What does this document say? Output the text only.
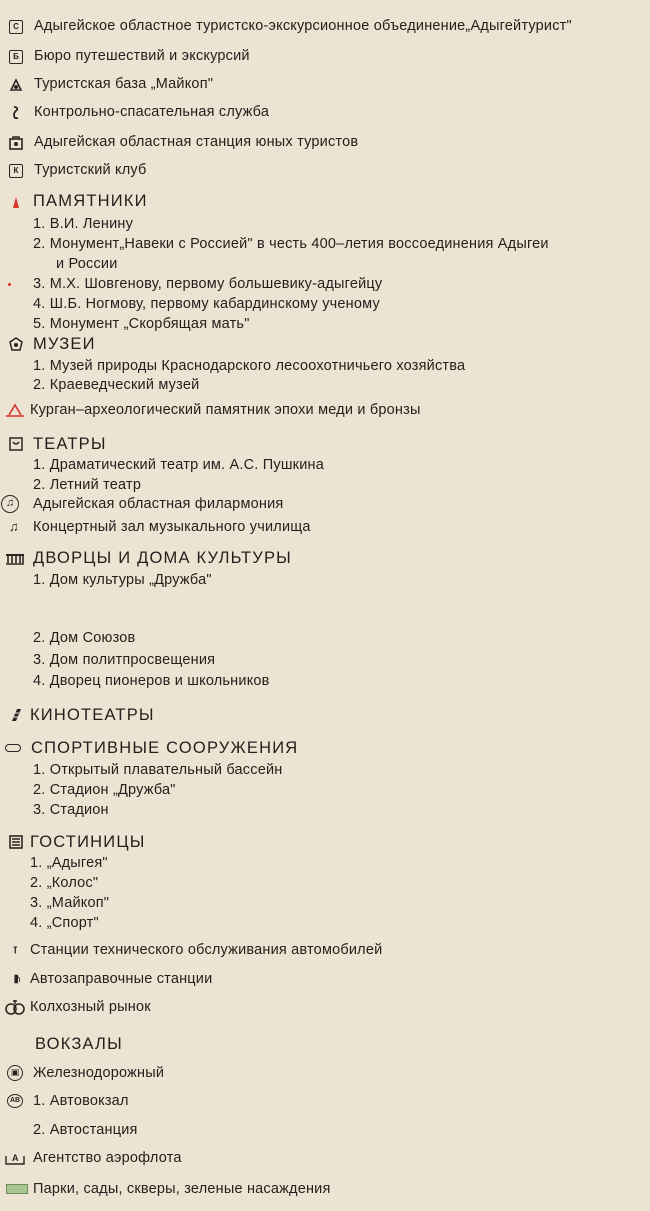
С Адыгейское областное туристско-экскурсионное объединение„Адыгейтурист"
Б Бюро путешествий и экскурсий
Туристская база „Майкоп"
Контрольно-спасательная служба
Адыгейская областная станция юных туристов
К	Туристский клуб
ПАМЯТНИКИ
1. В.И. Ленину
2. Монумент„Навеки с Россией" в честь 400–летия воссоединения Адыгеи
и России
3. М.Х. Шовгенову, первому большевику-адыгейцу
4. Ш.Б. Ногмову, первому кабардинскому ученому
5. Монумент „Скорбящая мать"
МУЗЕИ
1. Музей природы Краснодарского лесоохотничьего хозяйства
2. Краеведческий музей
Курган–археологический памятник эпохи меди и бронзы
ТЕАТРЫ
1. Драматический театр им. А.С. Пушкина
2. Летний театр
♫	Адыгейская областная филармония
♫ Концертный зал музыкального училища
ДВОРЦЫ И ДОМА КУЛЬТУРЫ
1. Дом культуры „Дружба"
2. Дом Союзов
3. Дом политпросвещения
4. Дворец пионеров и школьников
КИНОТЕАТРЫ
СПОРТИВНЫЕ СООРУЖЕНИЯ
1. Открытый плавательный бассейн
2. Стадион „Дружба"
3. Стадион
ГОСТИНИЦЫ
1. „Адыгея"
2. „Колос"
3. „Майкоп"
4. „Спорт"
Станции технического обслуживания автомобилей
Автозаправочные станции
Колхозный рынок
ВОКЗАЛЫ
▣ Железнодорожный
АВ 1. Автовокзал
2. Автостанция
А Агентство аэрофлота
Парки, сады, скверы, зеленые насаждения
